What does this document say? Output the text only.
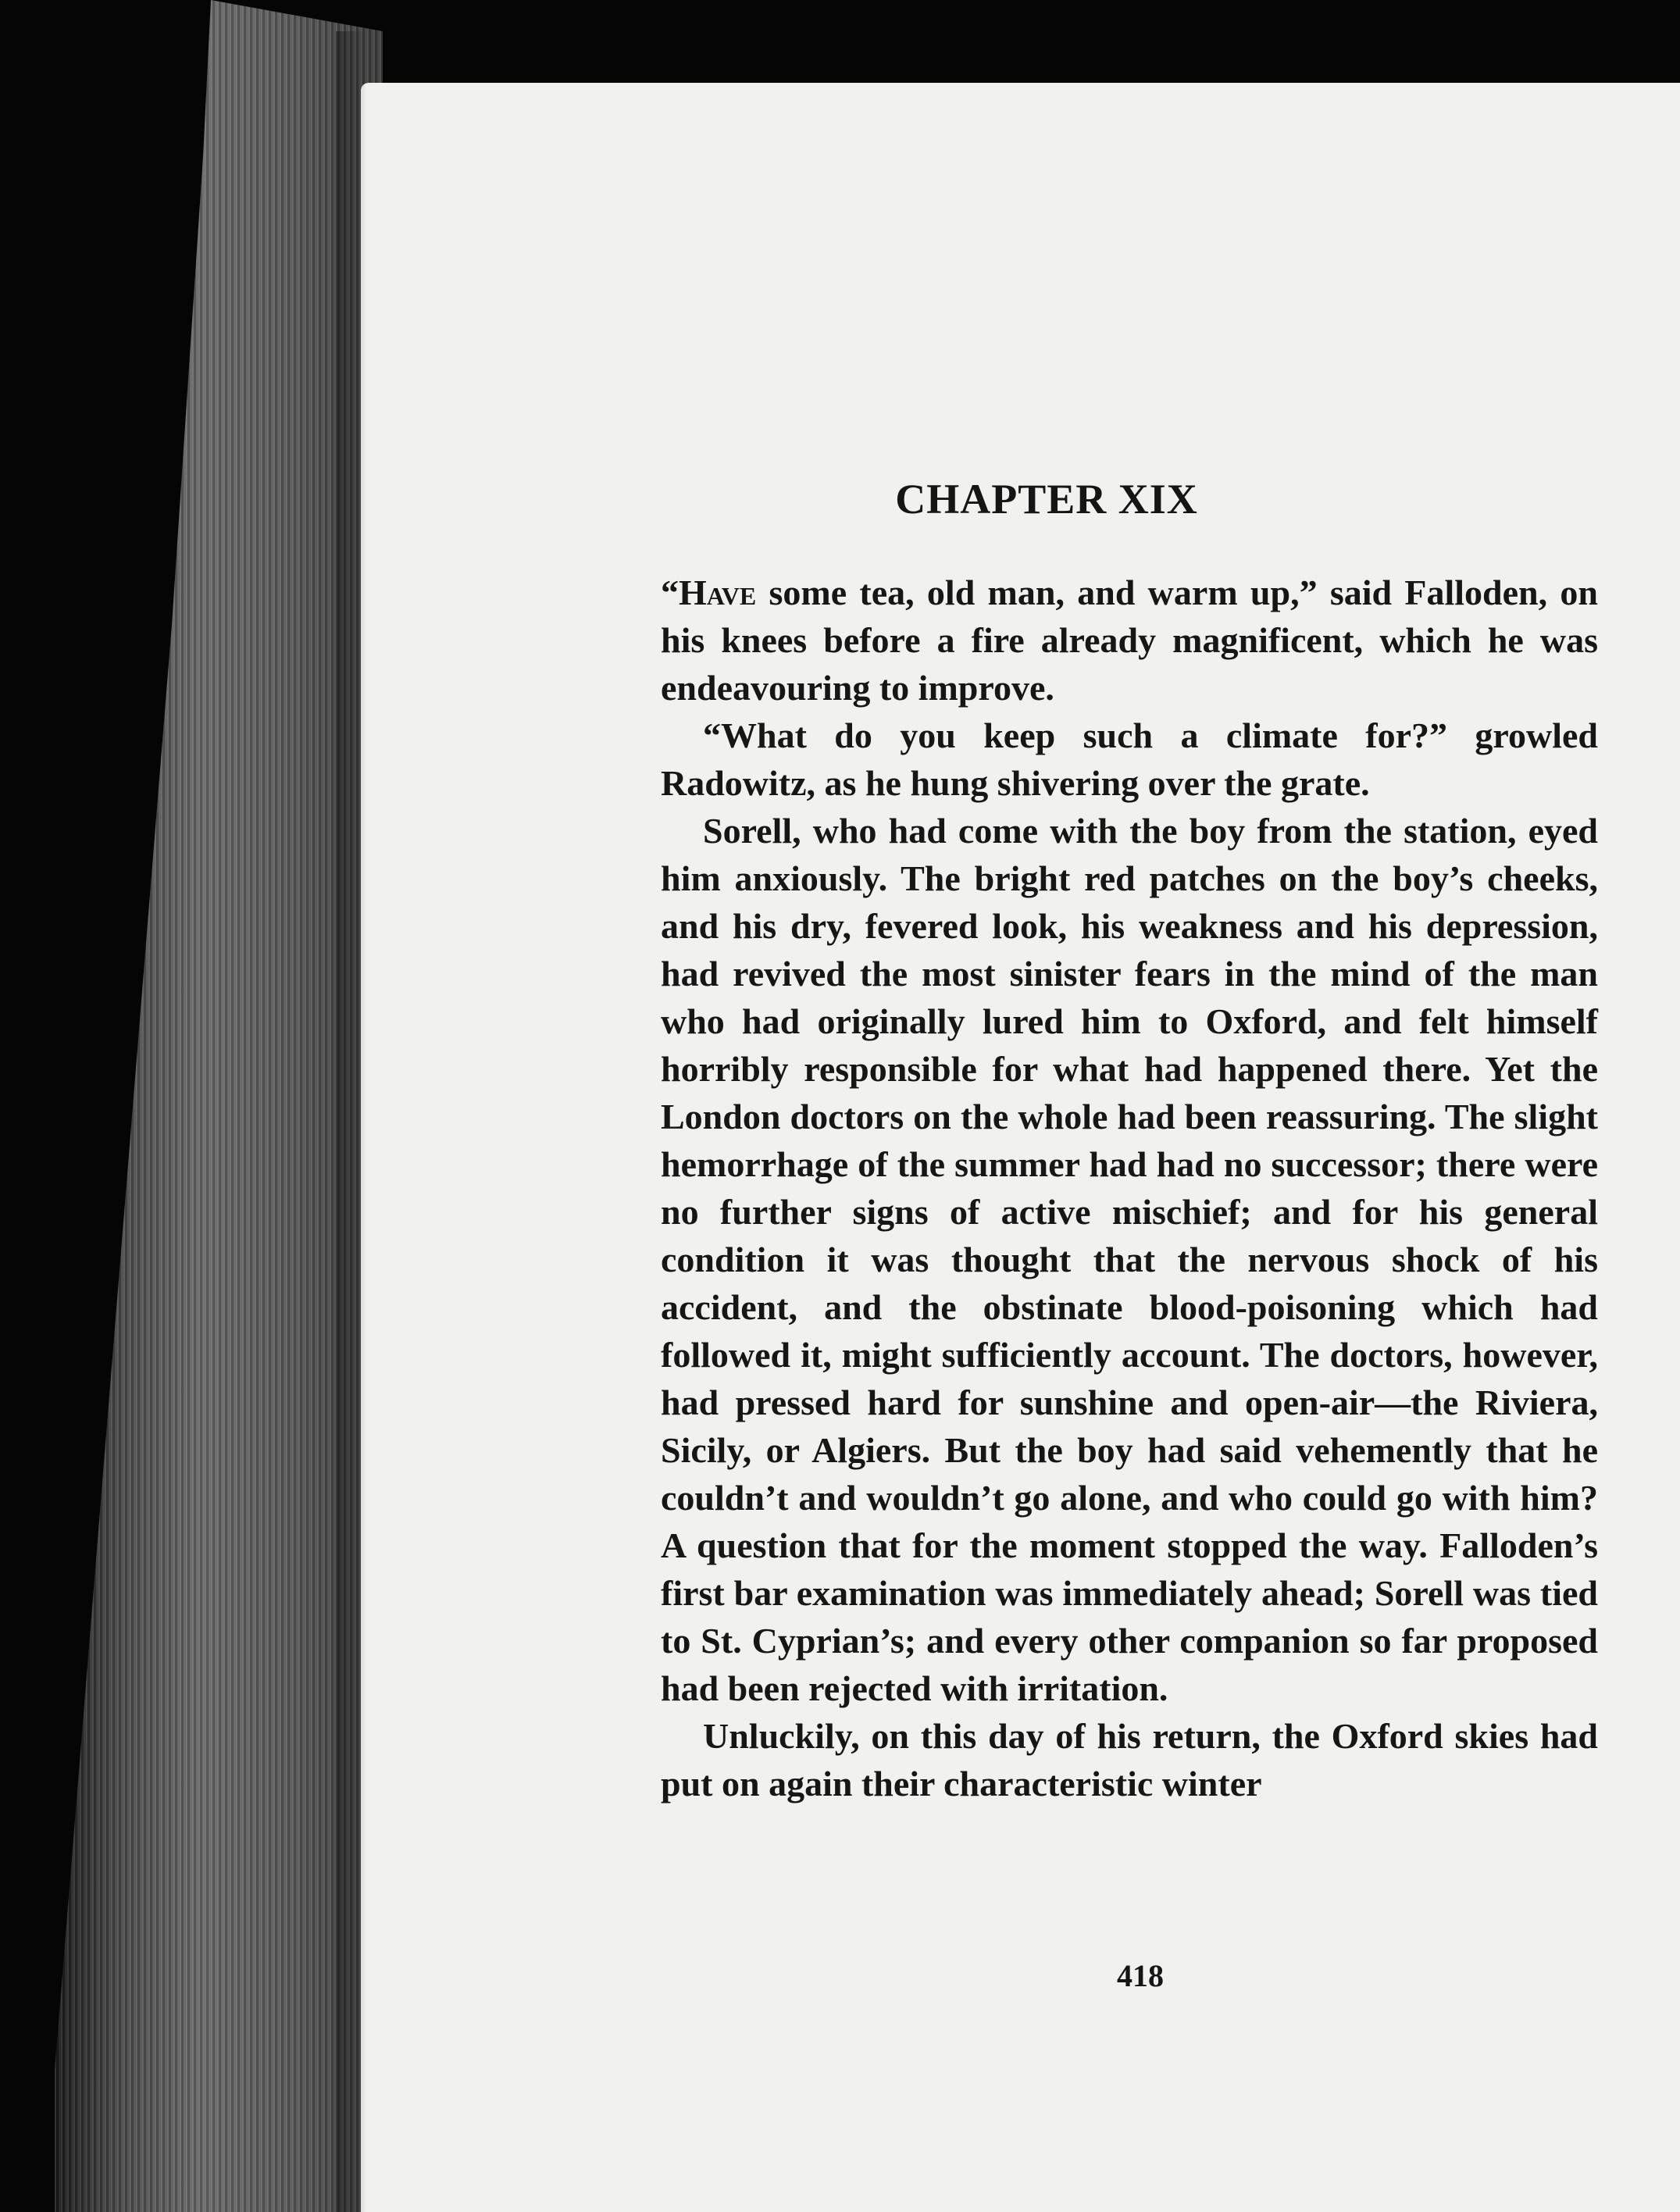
CHAPTER XIX

“Have some tea, old man, and warm up,” said Falloden, on his knees before a fire already magnificent, which he was endeavouring to improve.

“What do you keep such a climate for?” growled Radowitz, as he hung shivering over the grate.

Sorell, who had come with the boy from the station, eyed him anxiously. The bright red patches on the boy’s cheeks, and his dry, fevered look, his weakness and his depression, had revived the most sinister fears in the mind of the man who had originally lured him to Oxford, and felt himself horribly responsible for what had happened there. Yet the London doctors on the whole had been reassuring. The slight hemorrhage of the summer had had no successor; there were no further signs of active mischief; and for his general condition it was thought that the nervous shock of his accident, and the obstinate blood-poisoning which had followed it, might sufficiently account. The doctors, however, had pressed hard for sunshine and open-air—the Riviera, Sicily, or Algiers. But the boy had said vehemently that he couldn’t and wouldn’t go alone, and who could go with him? A question that for the moment stopped the way. Falloden’s first bar examination was immediately ahead; Sorell was tied to St. Cyprian’s; and every other companion so far proposed had been rejected with irritation.

Unluckily, on this day of his return, the Oxford skies had put on again their characteristic winter

418
